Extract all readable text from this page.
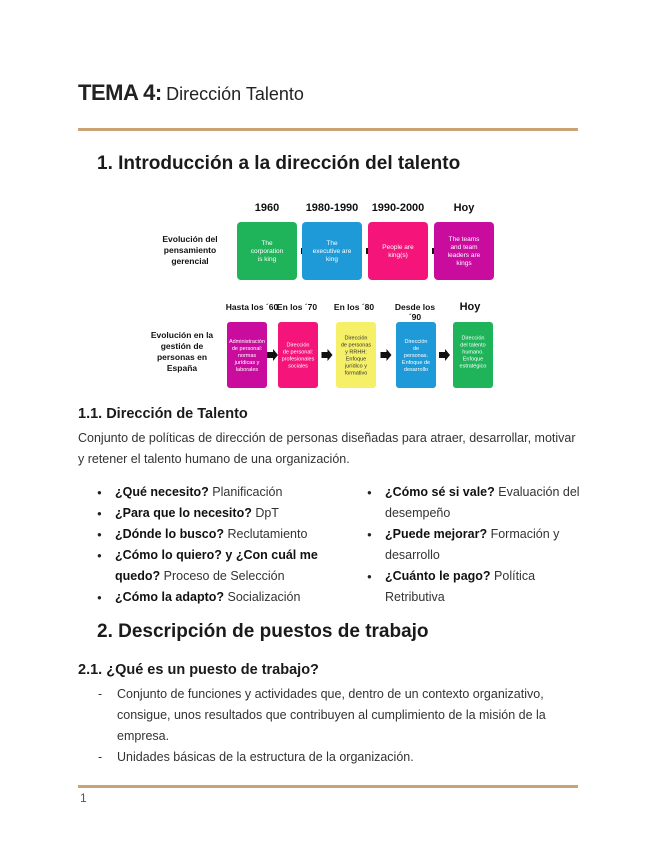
TEMA 4: Dirección Talento
1. Introducción a la dirección del talento
Evolución del pensamiento gerencial
1960 1980-1990 1990-2000	Hoy
The corporation is king
The executive are king
People are king(s)
The teams and team leaders are kings
Evolución en la gestión de personas en España
Hasta los ´60
En los ´70 En los ´80 Desde los ´90
Hoy
Administración de personal: normas jurídicas y laborales
Dirección de personal: profesionales sociales
Dirección de personas y RRHH: Enfoque jurídico y formativo
Dirección de personas. Enfoque de desarrollo
Dirección del talento humano. Enfoque estratégico
1.1. Dirección de Talento
Conjunto de políticas de dirección de personas diseñadas para atraer, desarrollar, motivar
y retener el talento humano de una organización.
● ¿Qué necesito? Planificación
● ¿Para que lo necesito? DpT
● ¿Dónde lo busco? Reclutamiento
● ¿Cómo lo quiero? y ¿Con cuál me quedo? Proceso de Selección
● ¿Cómo la adapto? Socialización
● ¿Cómo sé si vale? Evaluación del desempeño
● ¿Puede mejorar? Formación y desarrollo
● ¿Cuánto le pago? Política Retributiva
2. Descripción de puestos de trabajo
2.1. ¿Qué es un puesto de trabajo?
- Conjunto de funciones y actividades que, dentro de un contexto organizativo, consigue, unos resultados que contribuyen al cumplimiento de la misión de la empresa.
- Unidades básicas de la estructura de la organización.
1
